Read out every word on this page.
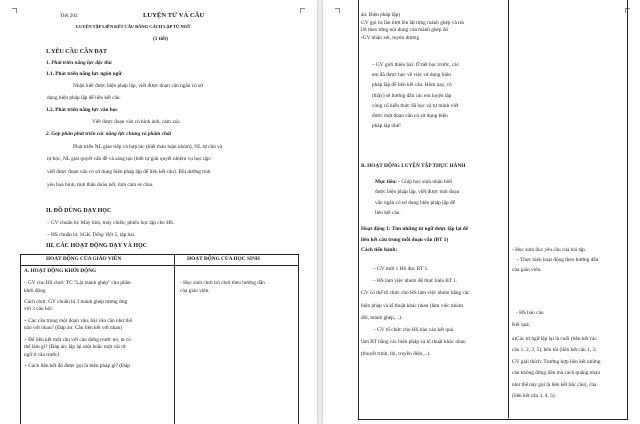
Tiết 202	LUYỆN TỪ VÀ CÂU
LUYỆN TẬP LIÊN KẾT CÂU BẰNG CÁCH LẶP TỪ NGỮ
(1 tiết)
I. YÊU CẦU CẦN ĐẠT
1. Phát triển năng lực đặc thù
1.1. Phát triển năng lực ngôn ngữ
Nhận biết được biện pháp lặp, viết được đoạn văn ngắn có sử
dụng biện pháp lặp để liên kết câu.
1.2. Phát triển năng lực văn học
Viết được đoạn văn có hình ảnh, cảm xúc.
2. Góp phần phát triển các năng lực chung và phẩm chất
Phát triển NL giao tiếp và hợp tác (biết thảo luận nhóm), NL tự chủ và
tự học, NL giải quyết vấn đề và sáng tạo (biết tự giải quyết nhiệm vụ học tập:
viết được đoạn văn có sử dụng biện pháp lặp để liên kết câu). Bồi dưỡng tình
yêu hoà bình, tình thân đoàn kết, tình cảm sẻ chia.
II. ĐỒ DÙNG DẠY HỌC
– GV chuẩn bị: Máy tính, máy chiếu; phiếu học tập cho HS.
– HS chuẩn bị: SGK Tiếng Việt 5, tập hai.
III. CÁC HOẠT ĐỘNG DẠY VÀ HỌC
HOẠT ĐỘNG CỦA GIÁO VIÊN	HOẠT ĐỘNG CỦA HỌC SINH
A. HOẠT ĐỘNG KHỞI ĐỘNG
– GV cho HS chơi: TC "Lật mảnh ghép" cho phần
khởi động
Cách chơi: GV chuẩn bị 3 mảnh ghép tương ứng
với 3 câu hỏi:
+ Các câu trong một đoạn văn, bài văn cần như thế
nào với nhau? (Đáp án: Cần liên kết với nhau)
+ Để liên kết một câu với câu đứng trước nó, ta có
thể làm gì? (Đáp án: lặp lại một hoặc một vài từ
ngữ ở câu trước)
+ Cách liên kết đó được gọi là biện pháp gì? (Đáp
- Học sinh chơi trò chơi theo hướng dẫn
của giáo viên.
án: Biện pháp lặp)
GV gọi hs lần lượt lên lật từng mảnh ghép và trả
lời theo từng nội dung của mảnh ghép đó
-GV nhận xét, tuyên dương
– GV giới thiệu bài: Ở tiết học trước, các
em đã được học về việc sử dụng biện
pháp lặp để liên kết câu. Hôm nay, cô
(thầy) sẽ hướng dẫn các em luyện tập
cùng cố kiến thức đã học và tự mình viết
được một đoạn văn có sử dụng biện
pháp lặp nhé!
B. HOẠT ĐỘNG LUYỆN TẬP THỰC HÀNH
Mục tiêu: - Giúp học sinh nhận biết
được biện pháp lặp, viết được một đoạn
văn ngắn có sử dụng biện pháp lặp để
liên kết câu.
Hoạt động 1: Tìm những từ ngữ được lặp lại để
liên kết câu trong mỗi đoạn văn (BT 1)
Cách tiến hành:
– GV mời 1 HS đọc BT 1.
– HS làm việc nhóm để thực hiện BT 1.
GV có thể tổ chức cho HS làm việc nhóm bằng các
biện pháp và kĩ thuật khác nhau (làm việc nhóm
đôi, mảnh ghép,...).
– GV tổ chức cho HS báo cáo kết quả
làm BT bằng các biện pháp và kĩ thuật khác nhau
(thuyết trình, thi, truyền điện,...).
- Học sinh đọc yêu cầu của bài tập.
- Thực hiện hoạt động theo hướng dẫn
của giáo viên.
- HS báo cáo
Kết quả:
a)Các từ ngữ lặp lại là cuối (liên kết các
câu 1, 2, 3, 5), bên tôi (liên kết câu 1, 3;
GV giải thích: Trường hợp liên kết những
câu không đứng liền mà cách quãng nhau
như thế này gọi là liên kết bắc cầu), cha
(liên kết câu 3, 4, 5).
